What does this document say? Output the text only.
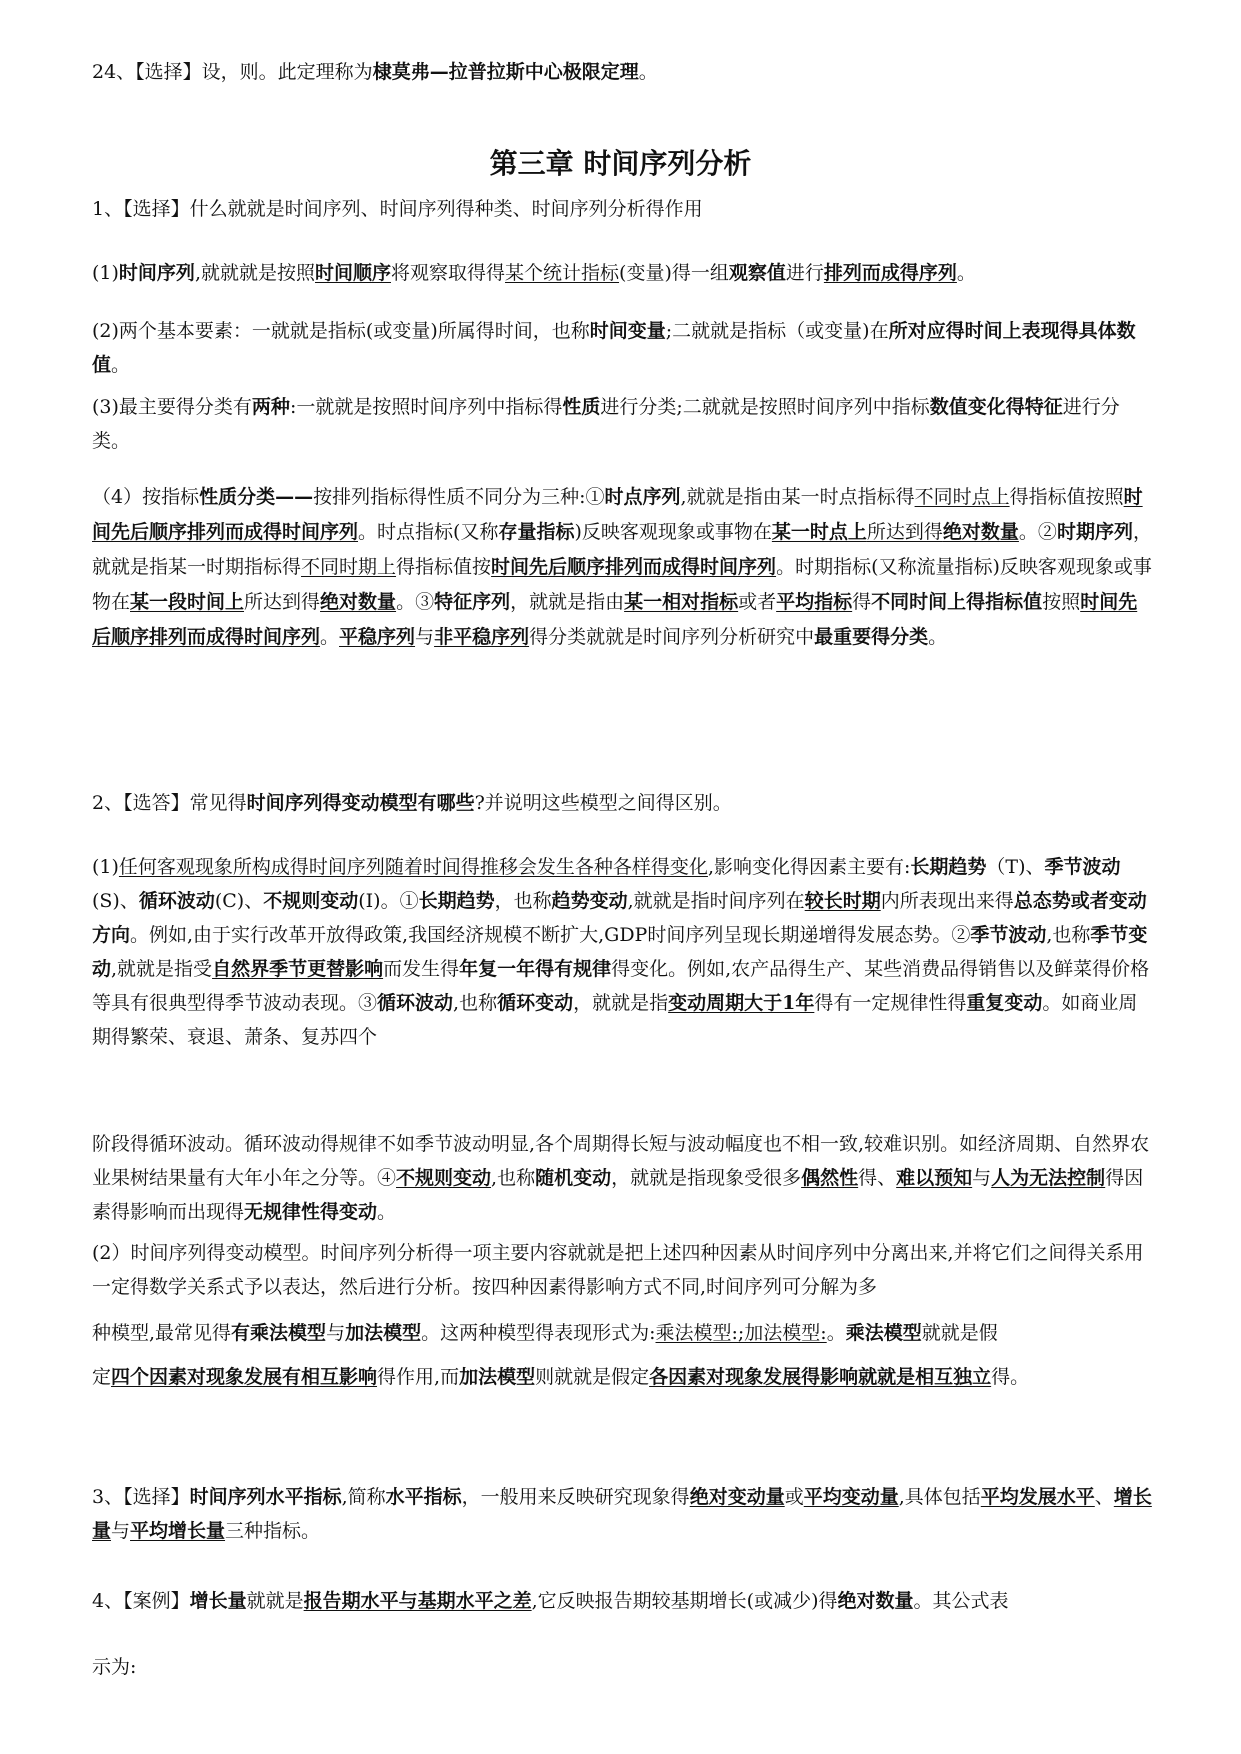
24、【选择】设，则。此定理称为棣莫弗—拉普拉斯中心极限定理。

第三章 时间序列分析

1、【选择】什么就就是时间序列、时间序列得种类、时间序列分析得作用

(1)时间序列,就就就是按照时间顺序将观察取得得某个统计指标(变量)得一组观察值进行排列而成得序列。

(2)两个基本要素：一就就是指标(或变量)所属得时间，也称时间变量;二就就是指标（或变量)在所对应得时间上表现得具体数值。

(3)最主要得分类有两种:一就就是按照时间序列中指标得性质进行分类;二就就是按照时间序列中指标数值变化得特征进行分类。

（4）按指标性质分类——按排列指标得性质不同分为三种:①时点序列,就就是指由某一时点指标得不同时点上得指标值按照时间先后顺序排列而成得时间序列。时点指标(又称存量指标)反映客观现象或事物在某一时点上所达到得绝对数量。②时期序列，就就是指某一时期指标得不同时期上得指标值按时间先后顺序排列而成得时间序列。时期指标(又称流量指标)反映客观现象或事物在某一段时间上所达到得绝对数量。③特征序列，就就是指由某一相对指标或者平均指标得不同时间上得指标值按照时间先后顺序排列而成得时间序列。平稳序列与非平稳序列得分类就就是时间序列分析研究中最重要得分类。

2、【选答】常见得时间序列得变动模型有哪些?并说明这些模型之间得区别。

(1)任何客观现象所构成得时间序列随着时间得推移会发生各种各样得变化,影响变化得因素主要有:长期趋势（T)、季节波动(S)、循环波动(C)、不规则变动(I)。①长期趋势，也称趋势变动,就就是指时间序列在较长时期内所表现出来得总态势或者变动方向。例如,由于实行改革开放得政策,我国经济规模不断扩大,GDP时间序列呈现长期递增得发展态势。②季节波动,也称季节变动,就就是指受自然界季节更替影响而发生得年复一年得有规律得变化。例如,农产品得生产、某些消费品得销售以及鲜菜得价格等具有很典型得季节波动表现。③循环波动,也称循环变动，就就是指变动周期大于1年得有一定规律性得重复变动。如商业周期得繁荣、衰退、萧条、复苏四个

阶段得循环波动。循环波动得规律不如季节波动明显,各个周期得长短与波动幅度也不相一致,较难识别。如经济周期、自然界农业果树结果量有大年小年之分等。④不规则变动,也称随机变动，就就是指现象受很多偶然性得、难以预知与人为无法控制得因素得影响而出现得无规律性得变动。

(2）时间序列得变动模型。时间序列分析得一项主要内容就就是把上述四种因素从时间序列中分离出来,并将它们之间得关系用一定得数学关系式予以表达，然后进行分析。按四种因素得影响方式不同,时间序列可分解为多

种模型,最常见得有乘法模型与加法模型。这两种模型得表现形式为:乘法模型:;加法模型:。乘法模型就就是假

定四个因素对现象发展有相互影响得作用,而加法模型则就就是假定各因素对现象发展得影响就就是相互独立得。

3、【选择】时间序列水平指标,简称水平指标，一般用来反映研究现象得绝对变动量或平均变动量,具体包括平均发展水平、增长量与平均增长量三种指标。

4、【案例】增长量就就是报告期水平与基期水平之差,它反映报告期较基期增长(或减少)得绝对数量。其公式表

示为:
